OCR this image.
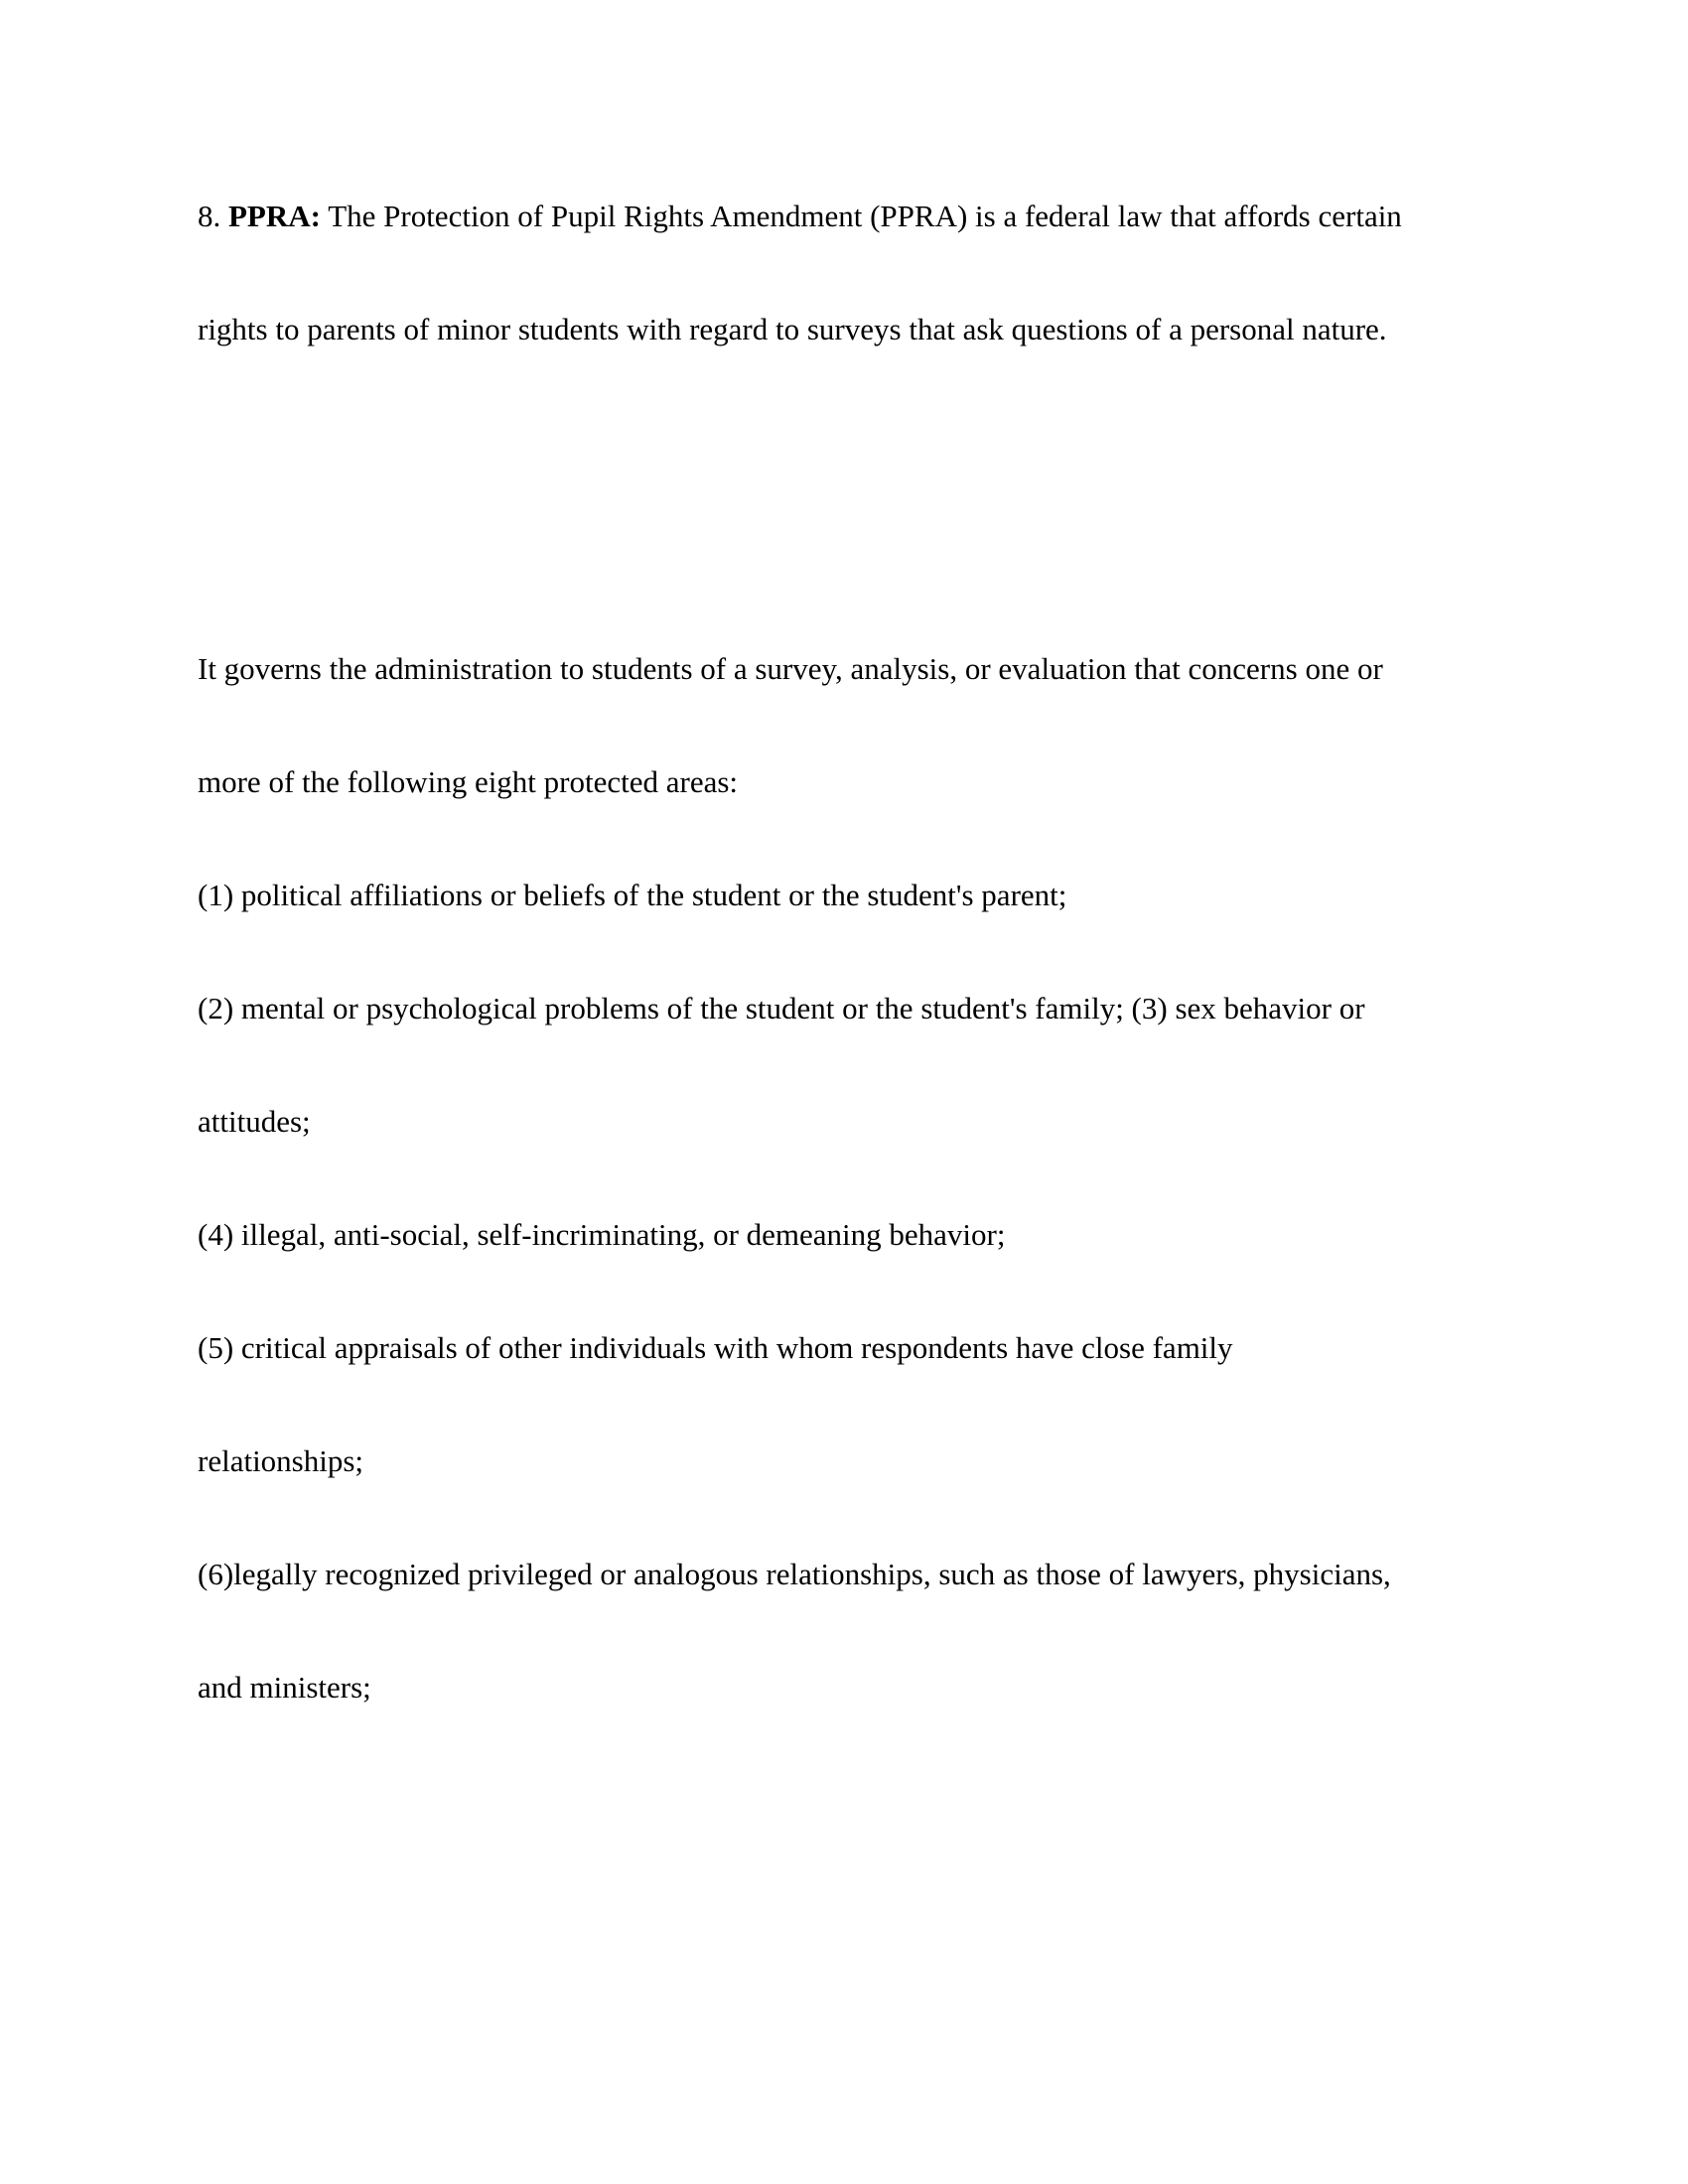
8. PPRA: The Protection of Pupil Rights Amendment (PPRA) is a federal law that affords certain
rights to parents of minor students with regard to surveys that ask questions of a personal nature.
It governs the administration to students of a survey, analysis, or evaluation that concerns one or
more of the following eight protected areas:
(1) political affiliations or beliefs of the student or the student's parent;
(2) mental or psychological problems of the student or the student's family; (3) sex behavior or
attitudes;
(4) illegal, anti-social, self-incriminating, or demeaning behavior;
(5) critical appraisals of other individuals with whom respondents have close family
relationships;
(6)legally recognized privileged or analogous relationships, such as those of lawyers, physicians,
and ministers;
